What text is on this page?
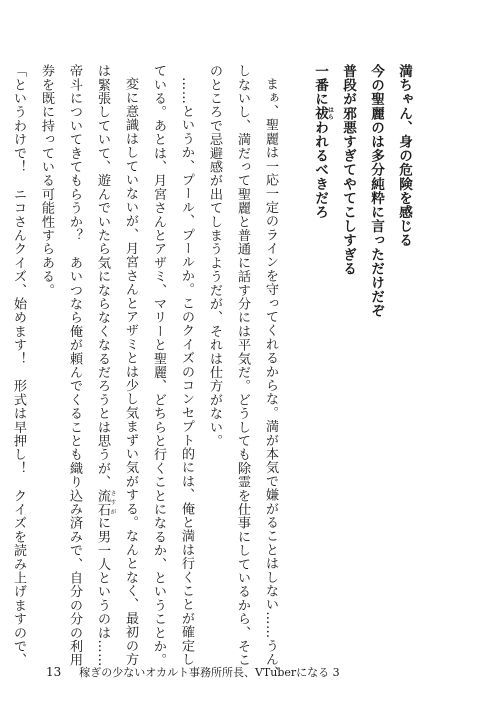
満ちゃん、身の危険を感じる
今の聖麗のは多分純粋に言っただけだぞ
普段が邪悪すぎてやてこしすぎる
一番に祓はらわれるべきだろ
まぁ、聖麗は一応一定のラインを守ってくれるからな。満が本気で嫌がることはしない……うん、
しないし、満だって聖麗と普通に話す分には平気だ。どうしても除霊を仕事にしているから、そこ
のところで忌避感が出てしまうようだが、それは仕方がない。
……というか、プール、プールか。このクイズのコンセプト的には、俺と満は行くことが確定し
ている。あとは、月宮さんとアザミ、マリーと聖麗、どちらと行くことになるか、ということか。
変に意識はしていないが、月宮さんとアザミとは少し気まずい気がする。なんとなく、最初の方
は緊張していて、遊んでいたら気にならなくなるだろうとは思うが、流石 さすがに男一人というのは……
帝斗についてきてもらうか？　あいつなら俺が頼んでくることも織り込み済みで、自分の分の利用
券を既に持っている可能性すらある。
「というわけで！　ニコさんクイズ、始めます！　形式は早押し！　クイズを読み上げますので、
13 稼ぎの少ないオカルト事務所所長、VTuberになる 3
